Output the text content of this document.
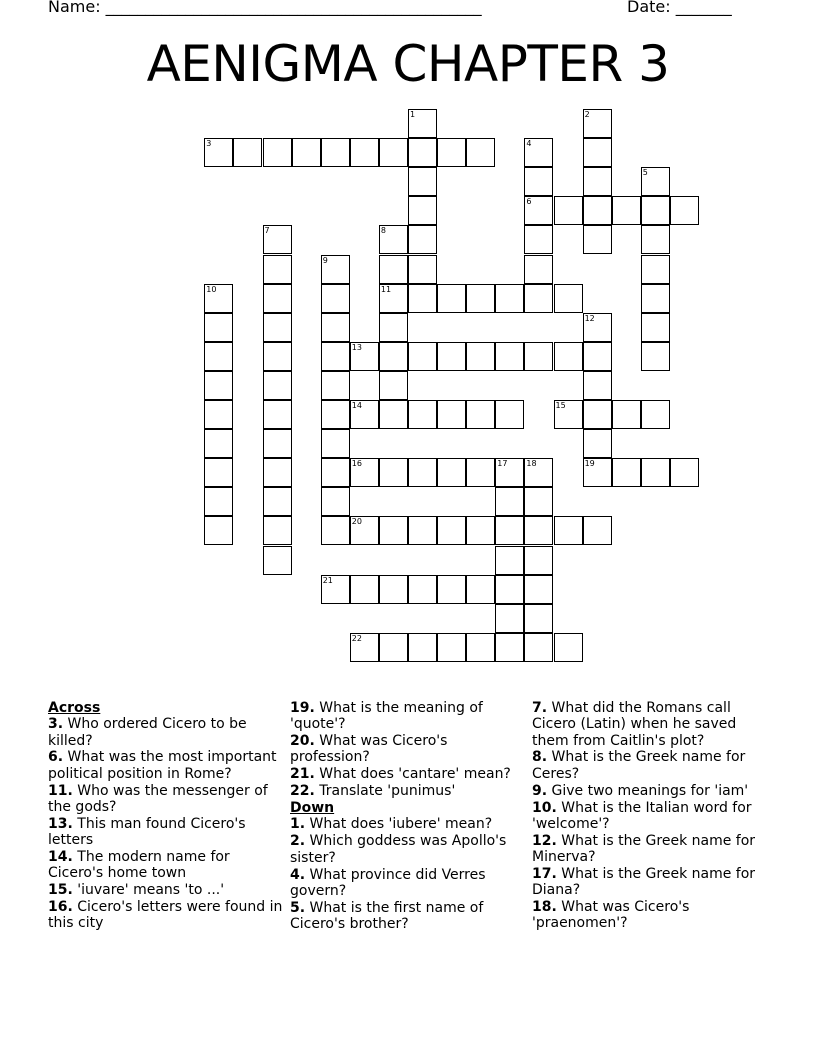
Name: _______________________________________________	Date: _______
AENIGMA CHAPTER 3
1	2
3	4
6
5
7	8
11
9
10
12
19
13
14	15
16	17 18
20
21
22
Across
3. Who ordered Cicero to be killed?
6. What was the most important political position in Rome?
11. Who was the messenger of the gods?
13. This man found Cicero's letters
14. The modern name for Cicero's home town
15. 'iuvare' means 'to ...'
16. Cicero's letters were found in this city
19. What is the meaning of 'quote'?
20. What was Cicero's profession?
21. What does 'cantare' mean?
22. Translate 'punimus'
Down
1. What does 'iubere' mean?
2. Which goddess was Apollo's sister?
4. What province did Verres govern?
5. What is the first name of Cicero's brother?
7. What did the Romans call Cicero (Latin) when he saved them from Caitlin's plot?
8. What is the Greek name for Ceres?
9. Give two meanings for 'iam'
10. What is the Italian word for 'welcome'?
12. What is the Greek name for Minerva?
17. What is the Greek name for Diana?
18. What was Cicero's 'praenomen'?
